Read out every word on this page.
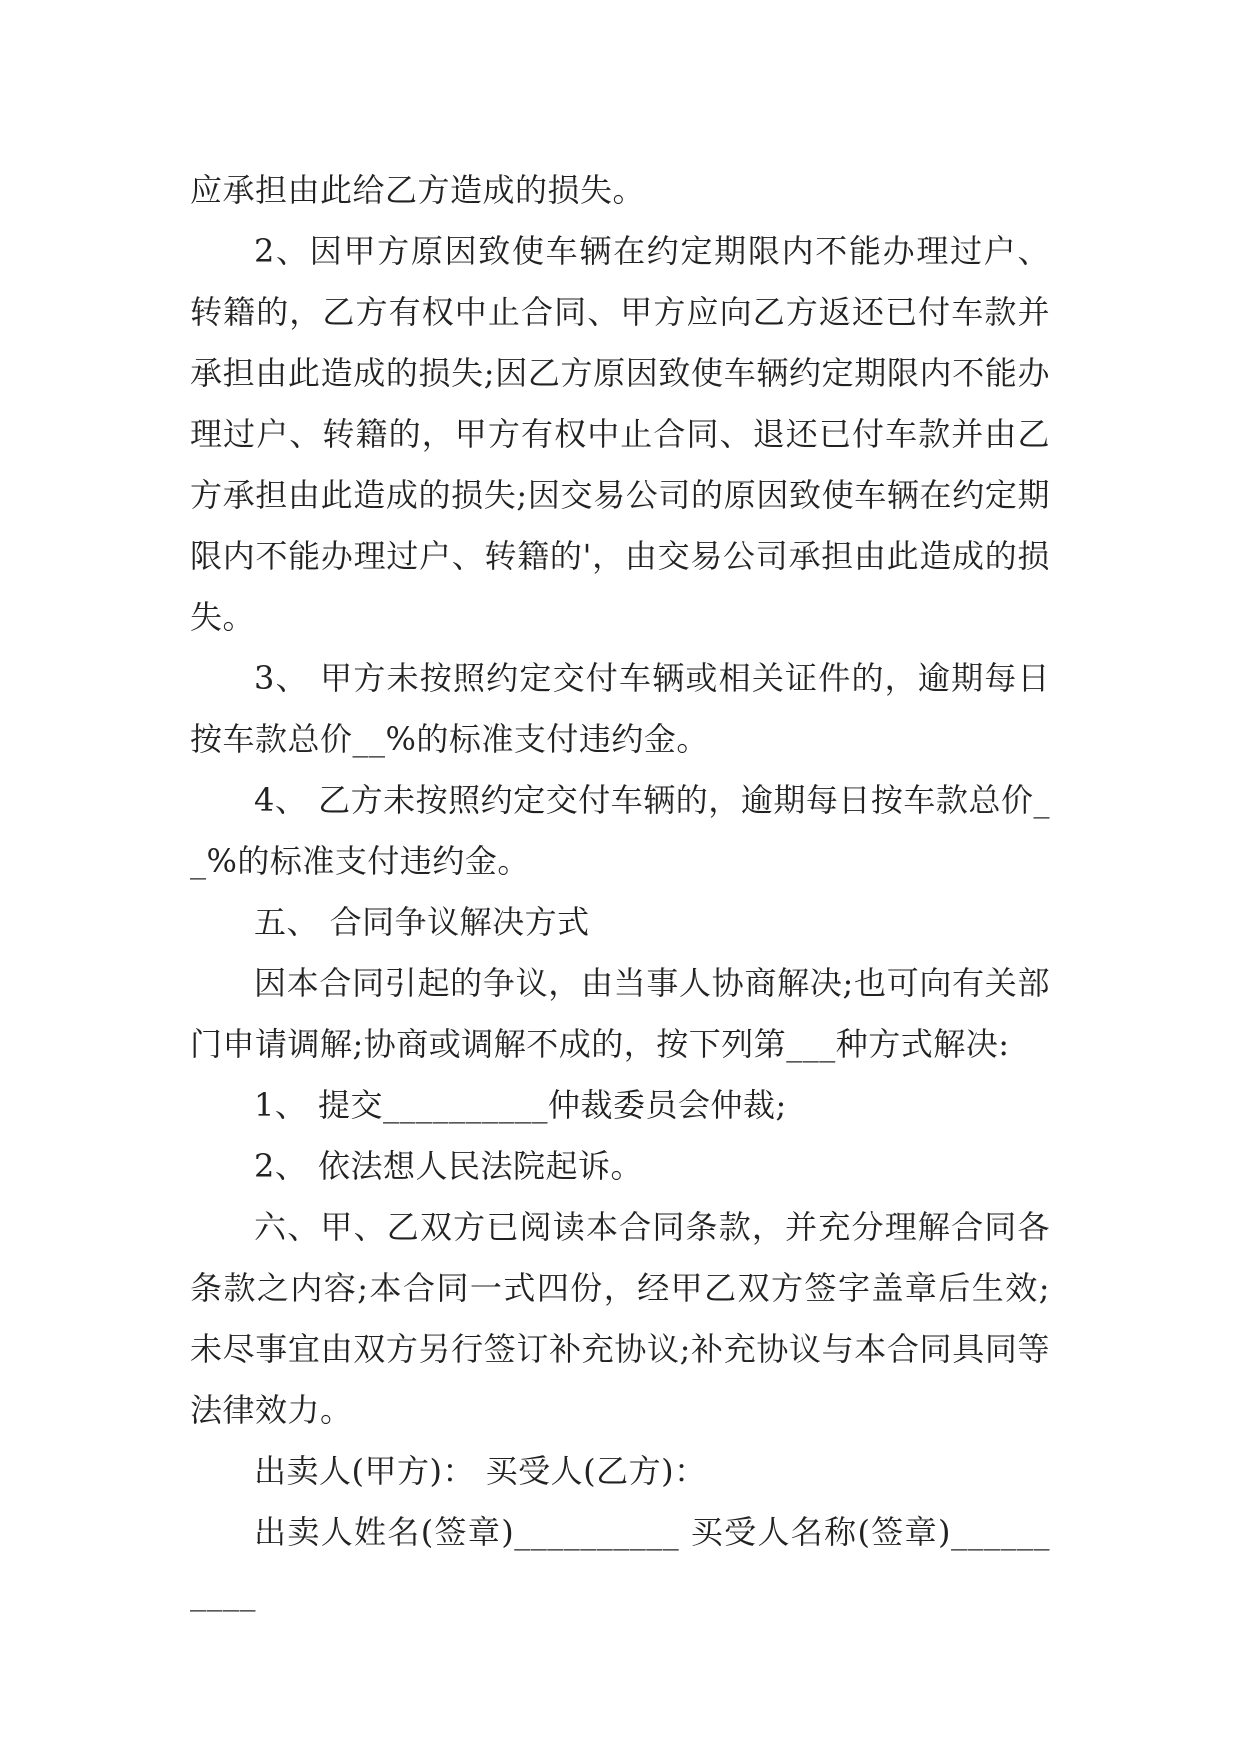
应承担由此给乙方造成的损失。

2、因甲方原因致使车辆在约定期限内不能办理过户、转籍的，乙方有权中止合同、甲方应向乙方返还已付车款并承担由此造成的损失;因乙方原因致使车辆约定期限内不能办理过户、转籍的，甲方有权中止合同、退还已付车款并由乙方承担由此造成的损失;因交易公司的原因致使车辆在约定期限内不能办理过户、转籍的'，由交易公司承担由此造成的损失。

3、 甲方未按照约定交付车辆或相关证件的，逾期每日按车款总价__%的标准支付违约金。

4、 乙方未按照约定交付车辆的，逾期每日按车款总价__%的标准支付违约金。

五、 合同争议解决方式

因本合同引起的争议，由当事人协商解决;也可向有关部门申请调解;协商或调解不成的，按下列第___种方式解决:

1、 提交__________仲裁委员会仲裁;

2、 依法想人民法院起诉。

六、甲、乙双方已阅读本合同条款，并充分理解合同各条款之内容;本合同一式四份，经甲乙双方签字盖章后生效;未尽事宜由双方另行签订补充协议;补充协议与本合同具同等法律效力。

出卖人(甲方)： 买受人(乙方)：

出卖人姓名(签章)__________ 买受人名称(签章)__________
